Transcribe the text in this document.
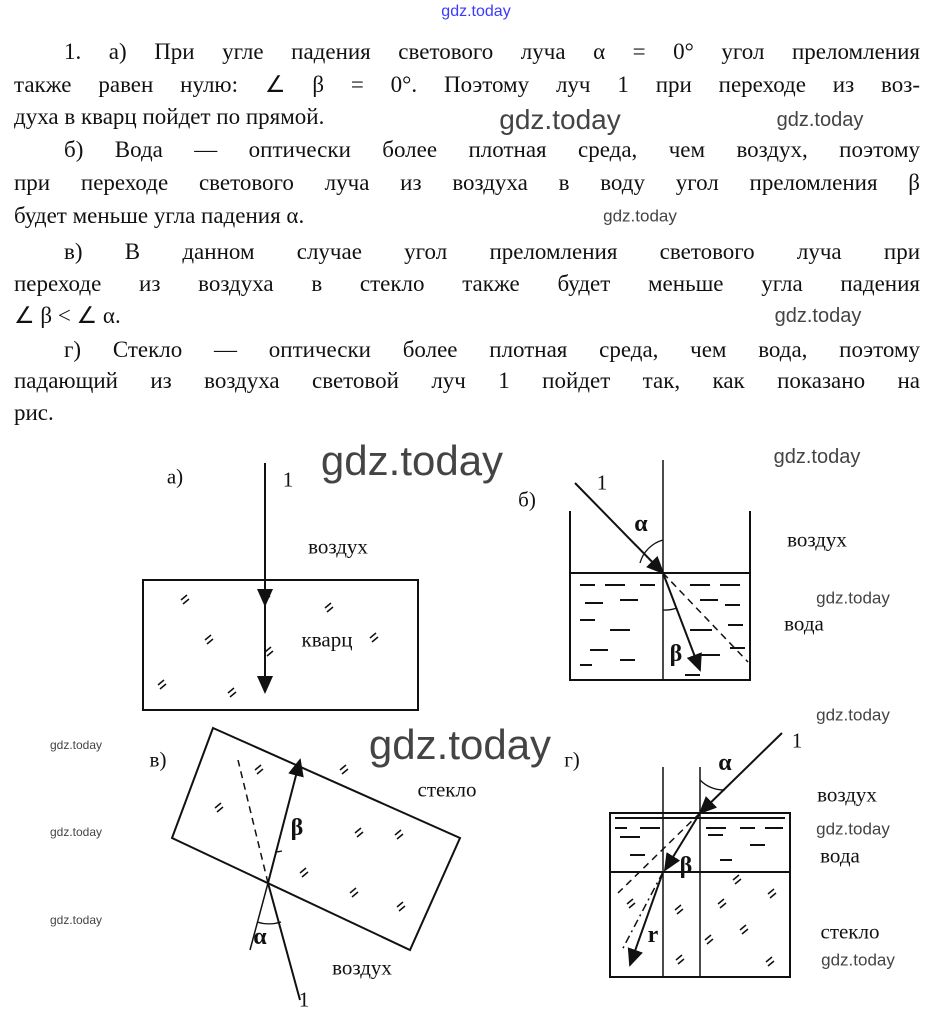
1. а) При угле падения светового луча α = 0° угол преломления
также равен нулю: ∠ β = 0°. Поэтому луч 1 при переходе из воз-
духа в кварц пойдет по прямой.
б) Вода — оптически более плотная среда, чем воздух, поэтому
при переходе светового луча из воздуха в воду угол преломления β
будет меньше угла падения α.
в) В данном случае угол преломления светового луча при
переходе из воздуха в стекло также будет меньше угла падения
∠ β < ∠ α.
г) Стекло — оптически более плотная среда, чем вода, поэтому
падающий из воздуха световой луч 1 пойдет так, как показано на
рис.
а)	1
воздух
кварц
б)
1
α
β
воздух
вода
в)
1
α
β
стекло
воздух
г)
1
α
β
r
воздух
вода
стекло
gdz.today
gdz.today	gdz.today
gdz.today
gdz.today
gdz.today	gdz.today
gdz.today
gdz.today
gdz.today
gdz.today
gdz.today
gdz.today
gdz.today
gdz.today
